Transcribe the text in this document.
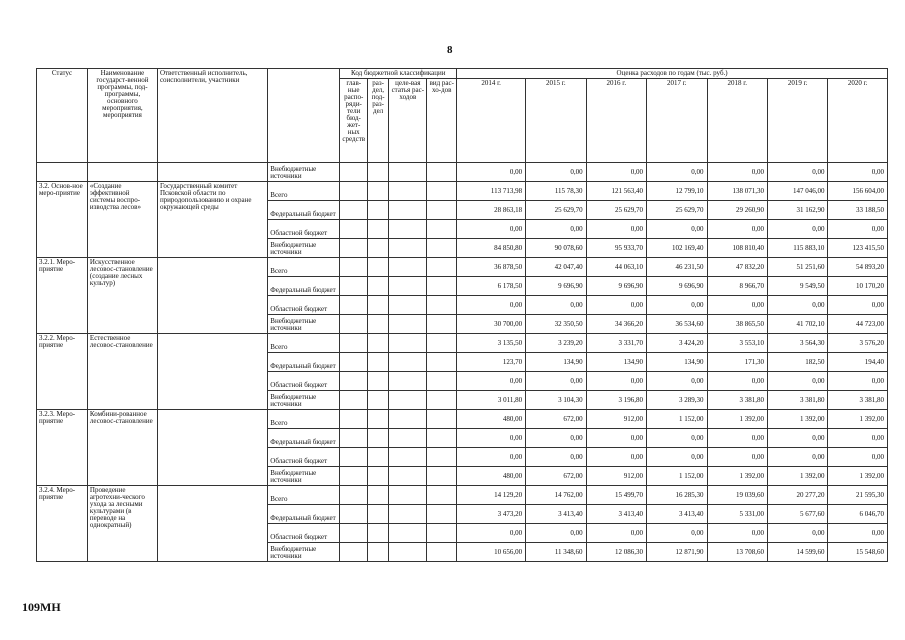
8
Статус	Наименование государст-венной программы, под-программы, основного мероприятия, мероприятия	Ответственный исполнитель, соисполнители, участники		Код бюджетной классификации				Оценка расходов по годам (тыс. руб.)						
				глав-ные распо-ряди-тели бюд-жет-ных средств	раз-дел, под-раз-дел	целе-вая статья рас-ходов	вид рас-хо-дов	2014 г.	2015 г.	2016 г.	2017 г.	2018 г.	2019 г.	2020 г.
			Внебюджетные источники					0,00	0,00	0,00	0,00	0,00	0,00	0,00
3.2. Основ-ное меро-приятие	«Создание эффективной системы воспро-изводства лесов»	Государственный комитет Псковской области по природопользованию и охране окружающей среды	Всего					113 713,98	115 78,30	121 563,40	12 799,10	138 071,30	147 046,00	156 604,00
			Федеральный бюджет					28 863,18	25 629,70	25 629,70	25 629,70	29 260,90	31 162,90	33 188,50
			Областной бюджет					0,00	0,00	0,00	0,00	0,00	0,00	0,00
			Внебюджетные источники					84 850,80	90 078,60	95 933,70	102 169,40	108 810,40	115 883,10	123 415,50
3.2.1. Меро-приятие	Искусственное лесовос-становление (создание лесных культур)		Всего					36 878,50	42 047,40	44 063,10	46 231,50	47 832,20	51 251,60	54 893,20
			Федеральный бюджет					6 178,50	9 696,90	9 696,90	9 696,90	8 966,70	9 549,50	10 170,20
			Областной бюджет					0,00	0,00	0,00	0,00	0,00	0,00	0,00
			Внебюджетные источники					30 700,00	32 350,50	34 366,20	36 534,60	38 865,50	41 702,10	44 723,00
3.2.2. Меро-приятие	Естественное лесовос-становление		Всего					3 135,50	3 239,20	3 331,70	3 424,20	3 553,10	3 564,30	3 576,20
			Федеральный бюджет					123,70	134,90	134,90	134,90	171,30	182,50	194,40
			Областной бюджет					0,00	0,00	0,00	0,00	0,00	0,00	0,00
			Внебюджетные источники					3 011,80	3 104,30	3 196,80	3 289,30	3 381,80	3 381,80	3 381,80
3.2.3. Меро-приятие	Комбини-рованное лесовос-становление		Всего					480,00	672,00	912,00	1 152,00	1 392,00	1 392,00	1 392,00
			Федеральный бюджет					0,00	0,00	0,00	0,00	0,00	0,00	0,00
			Областной бюджет					0,00	0,00	0,00	0,00	0,00	0,00	0,00
			Внебюджетные источники					480,00	672,00	912,00	1 152,00	1 392,00	1 392,00	1 392,00
3.2.4. Меро-приятие	Проведение агротехни-ческого ухода за лесными культурами (в переводе на однократный)		Всего					14 129,20	14 762,00	15 499,70	16 285,30	19 039,60	20 277,20	21 595,30
			Федеральный бюджет					3 473,20	3 413,40	3 413,40	3 413,40	5 331,00	5 677,60	6 046,70
			Областной бюджет					0,00	0,00	0,00	0,00	0,00	0,00	0,00
			Внебюджетные источники					10 656,00	11 348,60	12 086,30	12 871,90	13 708,60	14 599,60	15 548,60
109МН
